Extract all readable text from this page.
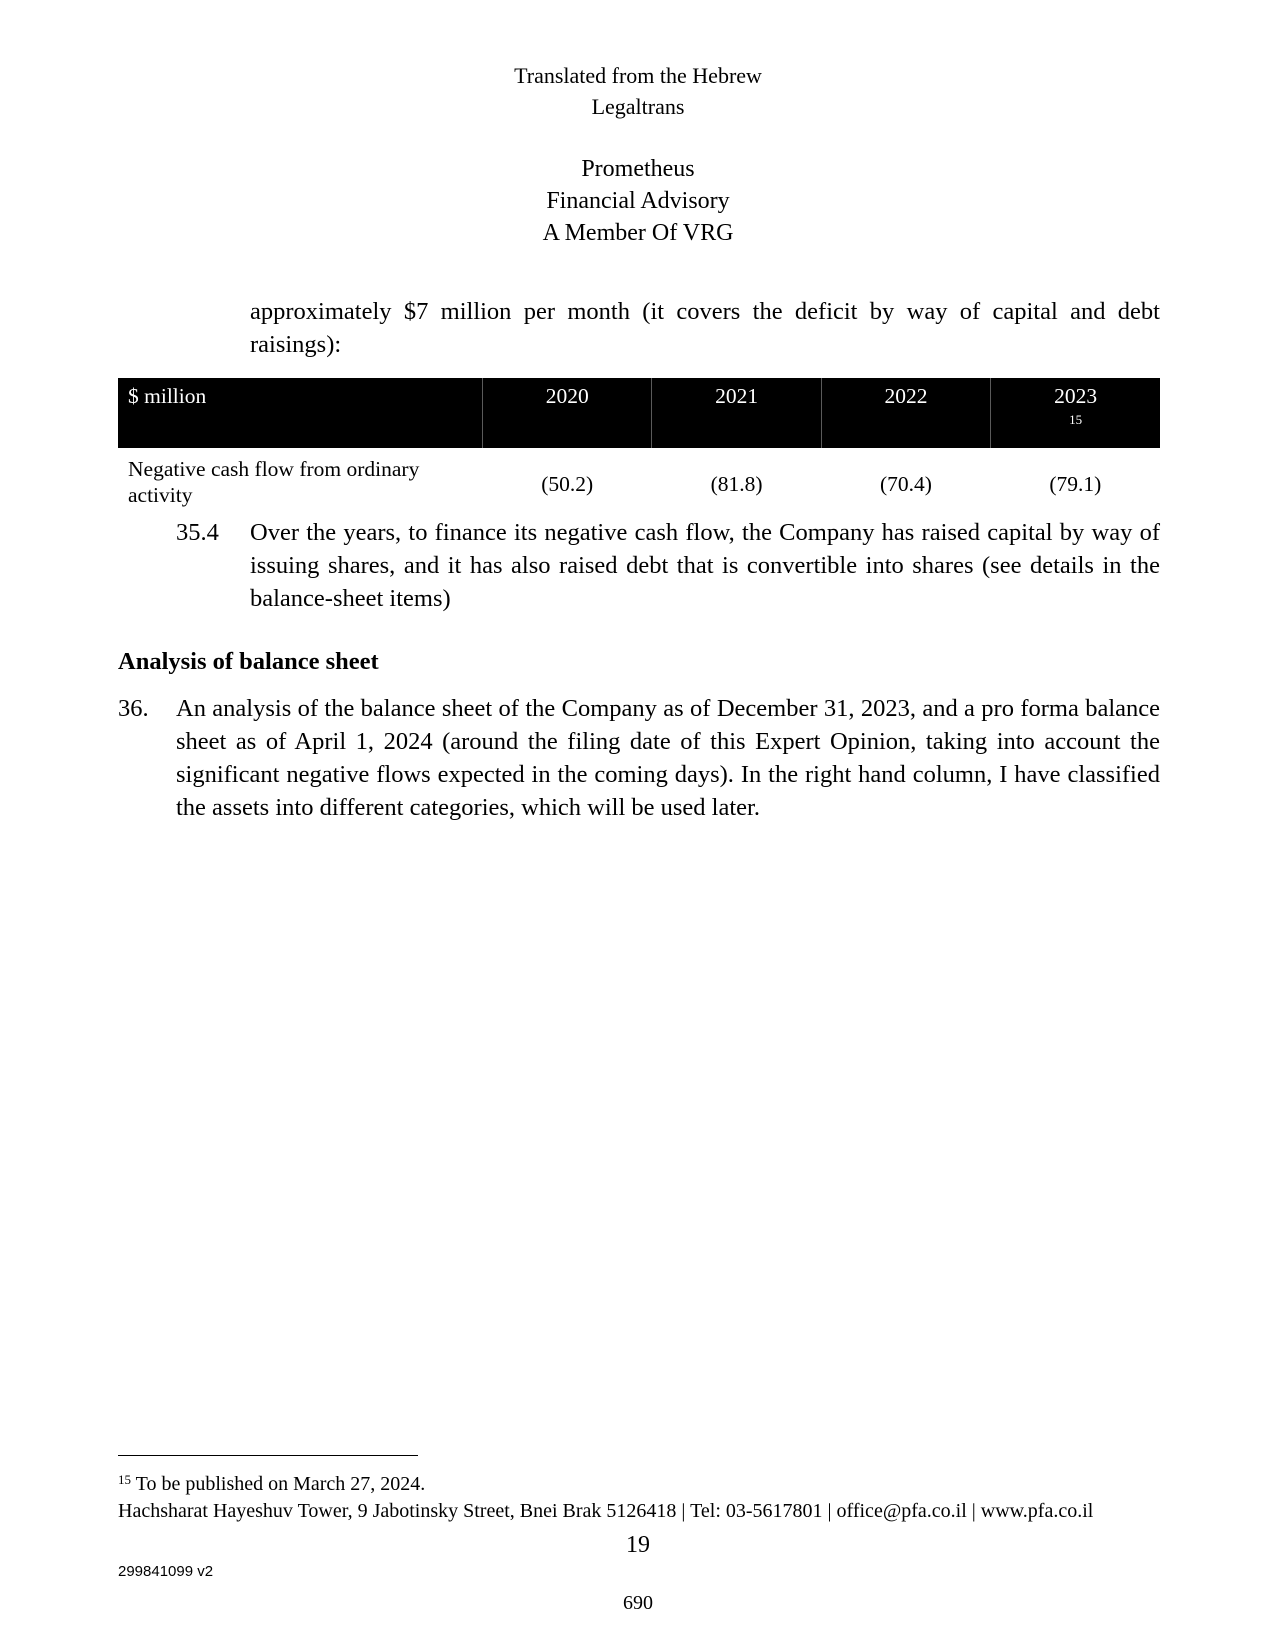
Translated from the Hebrew
Legaltrans
Prometheus
Financial Advisory
A Member Of VRG
approximately $7 million per month (it covers the deficit by way of capital and debt raisings):
$ million	2020	2021	2022	2023
15

Negative cash flow from ordinary activity	(50.2)	(81.8)	(70.4)	(79.1)
35.4 Over the years, to finance its negative cash flow, the Company has raised capital by way of issuing shares, and it has also raised debt that is convertible into shares (see details in the balance-sheet items)
Analysis of balance sheet
36. An analysis of the balance sheet of the Company as of December 31, 2023, and a pro forma balance sheet as of April 1, 2024 (around the filing date of this Expert Opinion, taking into account the significant negative flows expected in the coming days). In the right hand column, I have classified the assets into different categories, which will be used later.
$^{15}$ To be published on March 27, 2024.
Hachsharat Hayeshuv Tower, 9 Jabotinsky Street, Bnei Brak 5126418 | Tel: 03-5617801 | office@pfa.co.il | www.pfa.co.il
19
299841099 v2
690
